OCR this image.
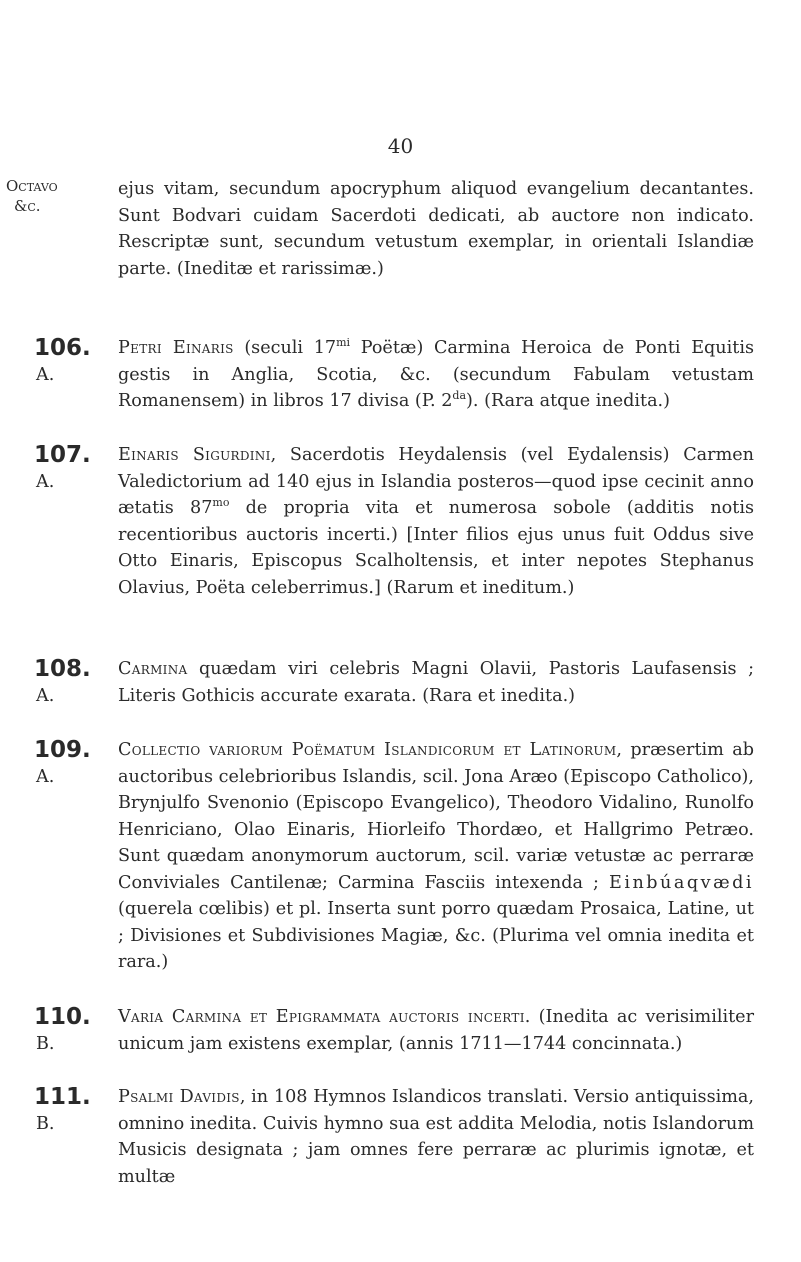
40
Octavo
&c.

ejus vitam, secundum apocryphum aliquod evangelium decantantes. Sunt Bodvari cuidam Sacerdoti dedicati, ab auctore non indicato. Rescriptæ sunt, secundum vetustum exemplar, in orientali Islandiæ parte. (Ineditæ et rarissimæ.)

106.
A.

Petri Einaris (seculi $17^{mi}$ Poëtæ) Carmina Heroica de Ponti Equitis gestis in Anglia, Scotia, &c. (secundum Fabulam vetustam Romanensem) in libros 17 divisa (P. $2^{da}$). (Rara atque inedita.)

107.
A.

Einaris Sigurdini, Sacerdotis Heydalensis (vel Eydalensis) Carmen Valedictorium ad 140 ejus in Islandia posteros—quod ipse cecinit anno ætatis $87^{mo}$ de propria vita et numerosa sobole (additis notis recentioribus auctoris incerti.) [Inter filios ejus unus fuit Oddus sive Otto Einaris, Episcopus Scalholtensis, et inter nepotes Stephanus Olavius, Poëta celeberrimus.] (Rarum et ineditum.)

108.
A.

Carmina quædam viri celebris Magni Olavii, Pastoris Laufasensis ; Literis Gothicis accurate exarata. (Rara et inedita.)

109.
A.

Collectio variorum Poëmatum Islandicorum et Latinorum, præsertim ab auctoribus celebrioribus Islandis, scil. Jona Aræo (Episcopo Catholico), Brynjulfo Svenonio (Episcopo Evangelico), Theodoro Vidalino, Runolfo Henriciano, Olao Einaris, Hiorleifo Thordæo, et Hallgrimo Petræo. Sunt quædam anonymorum auctorum, scil. variæ vetustæ ac perraræ Conviviales Cantilenæ; Carmina Fasciis intexenda ; Einbúaqvædi (querela cœlibis) et pl. Inserta sunt porro quædam Prosaica, Latine, ut ; Divisiones et Subdivisiones Magiæ, &c. (Plurima vel omnia inedita et rara.)

110.
B.

Varia Carmina et Epigrammata auctoris incerti. (Inedita ac verisimiliter unicum jam existens exemplar, (annis 1711—1744 concinnata.)

111.
B.

Psalmi Davidis, in 108 Hymnos Islandicos translati. Versio antiquissima, omnino inedita. Cuivis hymno sua est addita Melodia, notis Islandorum Musicis designata ; jam omnes fere perraræ ac plurimis ignotæ, et multæ
